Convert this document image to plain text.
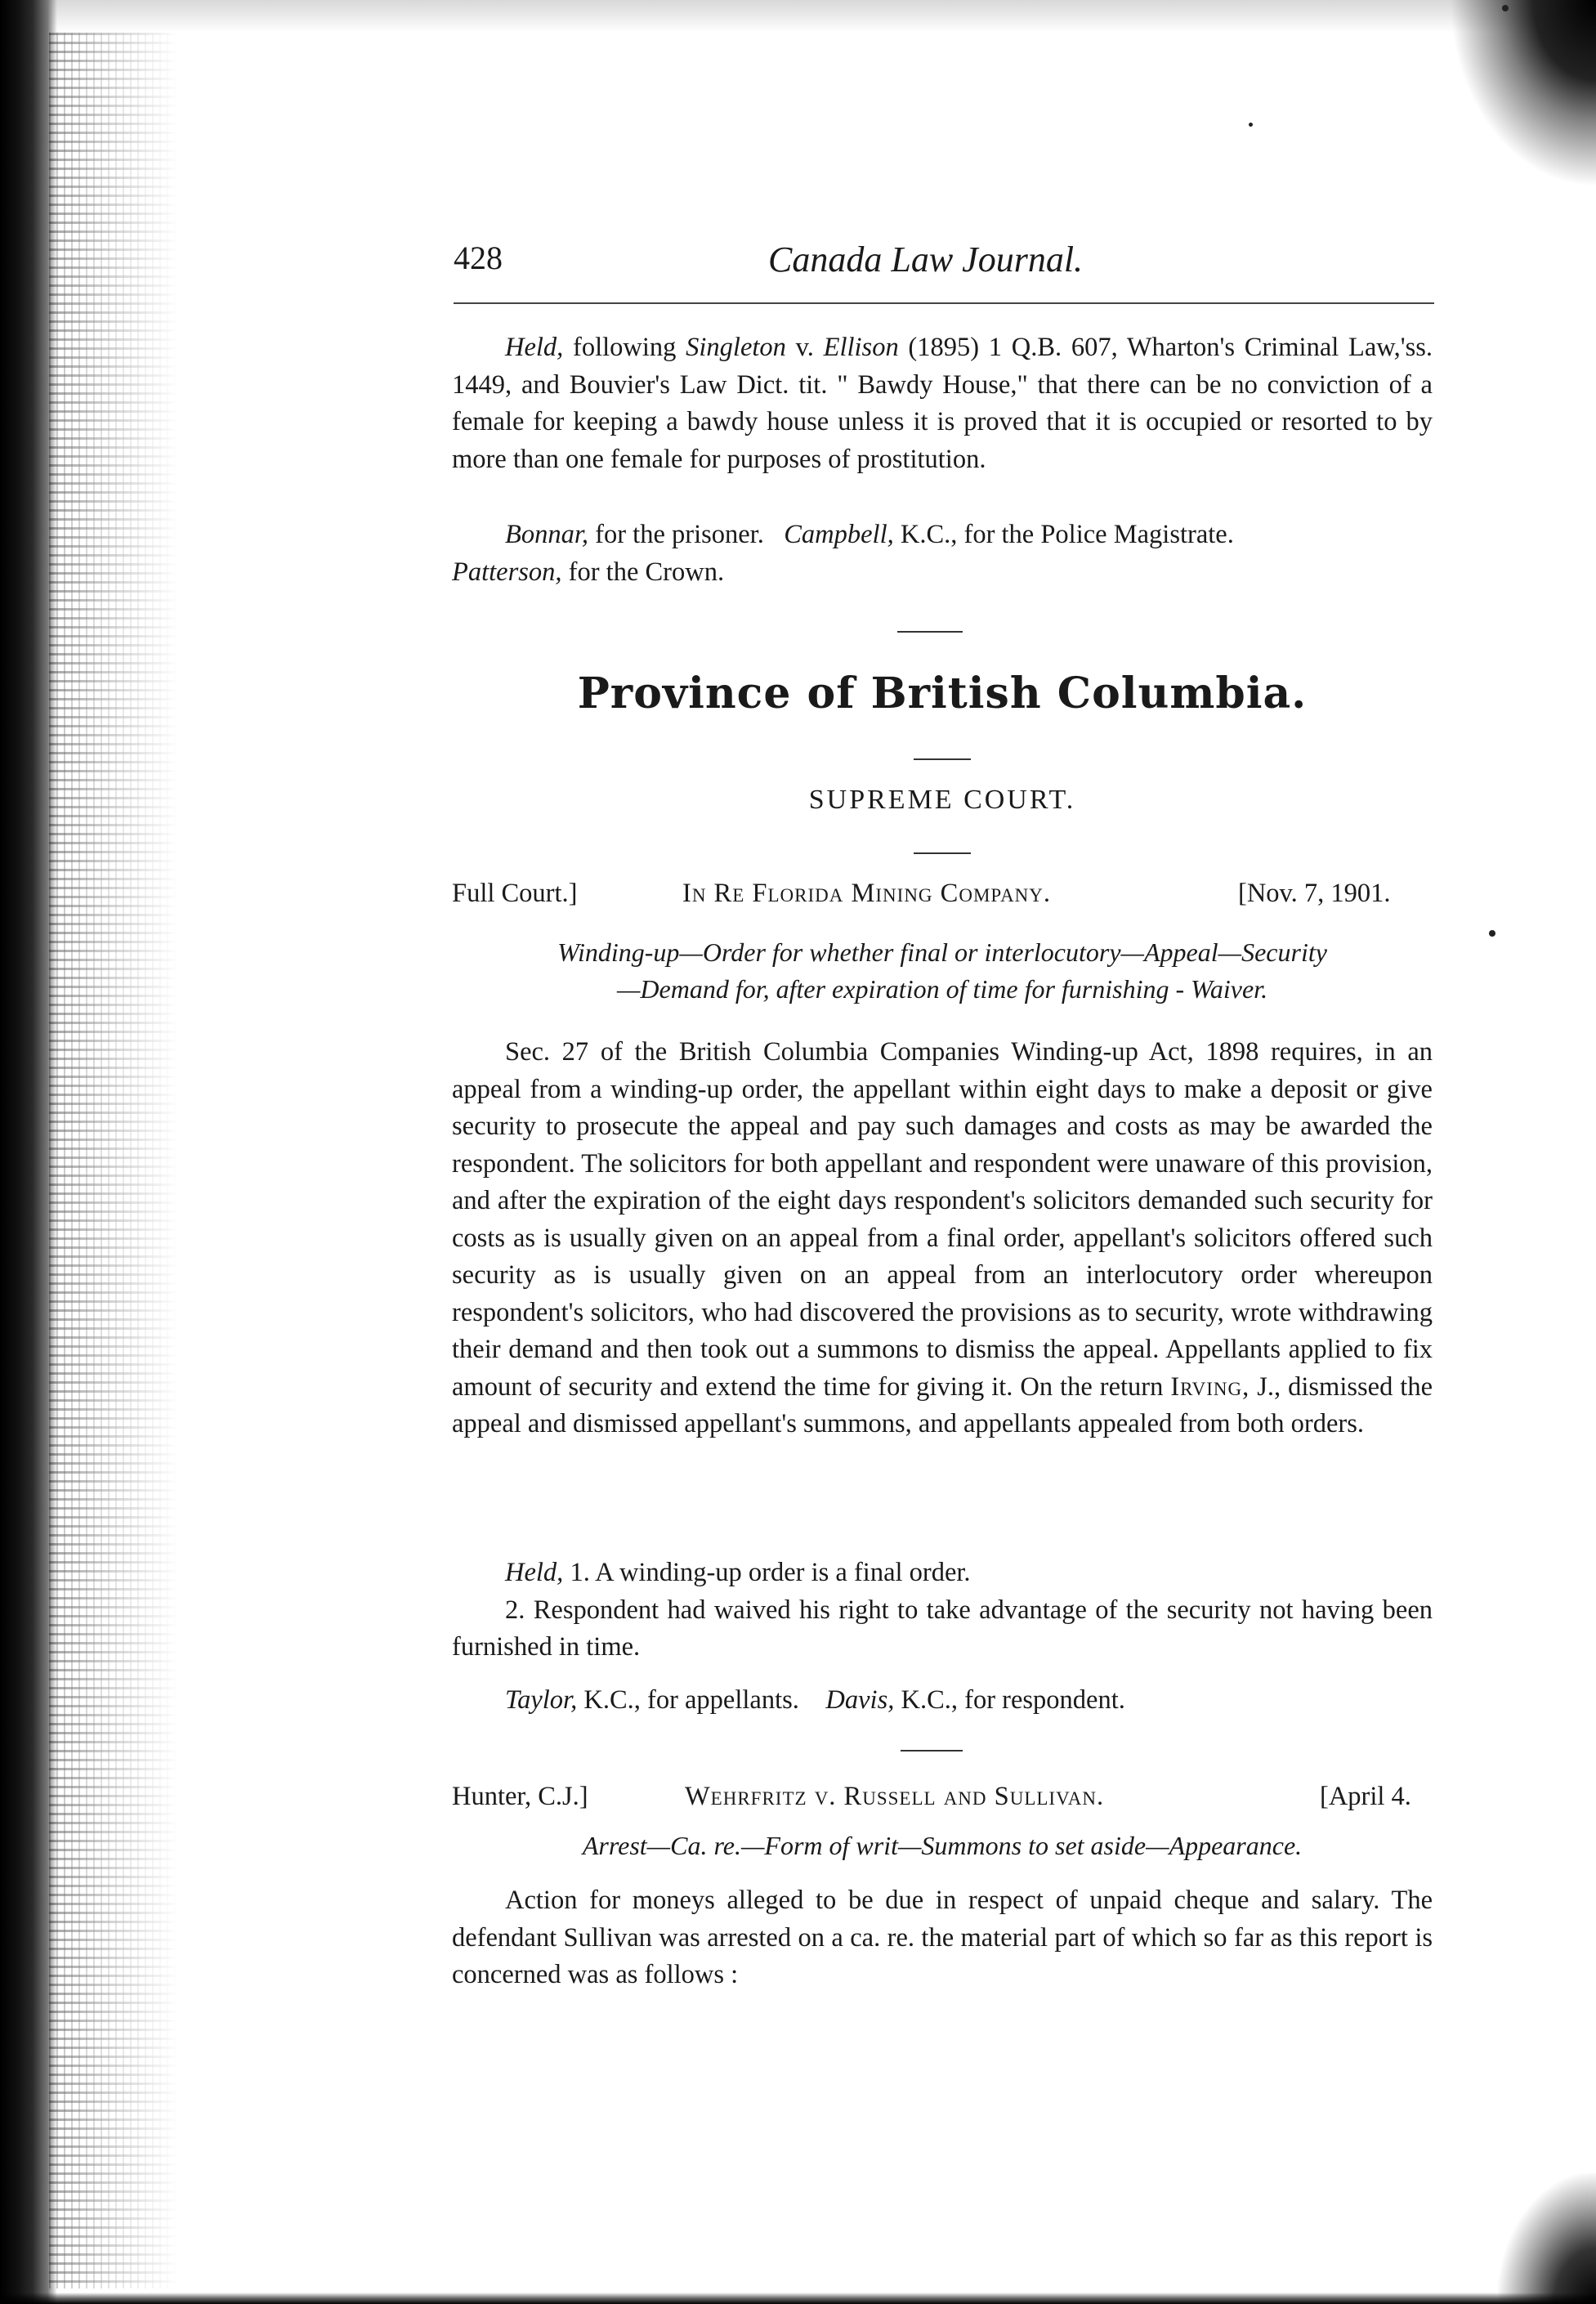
428	Canada Law Journal.

Held, following Singleton v. Ellison (1895) 1 Q.B. 607, Wharton's Criminal Law,'ss. 1449, and Bouvier's Law Dict. tit. " Bawdy House," that there can be no conviction of a female for keeping a bawdy house unless it is proved that it is occupied or resorted to by more than one female for purposes of prostitution.

Bonnar, for the prisoner. Campbell, K.C., for the Police Magistrate.

Patterson, for the Crown.

Province of British Columbia.
SUPREME COURT.
Full Court.]	In Re Florida Mining Company.	[Nov. 7, 1901.
Winding-up—Order for whether final or interlocutory—Appeal—Security
—Demand for, after expiration of time for furnishing - Waiver.

Sec. 27 of the British Columbia Companies Winding-up Act, 1898 requires, in an appeal from a winding-up order, the appellant within eight days to make a deposit or give security to prosecute the appeal and pay such damages and costs as may be awarded the respondent. The solicitors for both appellant and respondent were unaware of this provision, and after the expiration of the eight days respondent's solicitors demanded such security for costs as is usually given on an appeal from a final order, appellant's solicitors offered such security as is usually given on an appeal from an interlocutory order whereupon respondent's solicitors, who had discovered the provisions as to security, wrote withdrawing their demand and then took out a summons to dismiss the appeal. Appellants applied to fix amount of security and extend the time for giving it. On the return Irving, J., dismissed the appeal and dismissed appellant's summons, and appellants appealed from both orders.

Held, 1. A winding-up order is a final order.

2. Respondent had waived his right to take advantage of the security not having been furnished in time.

Taylor, K.C., for appellants. Davis, K.C., for respondent.

Hunter, C.J.]	Wehrfritz v. Russell and Sullivan.	[April 4.
Arrest—Ca. re.—Form of writ—Summons to set aside—Appearance.

Action for moneys alleged to be due in respect of unpaid cheque and salary. The defendant Sullivan was arrested on a ca. re. the material part of which so far as this report is concerned was as follows :
